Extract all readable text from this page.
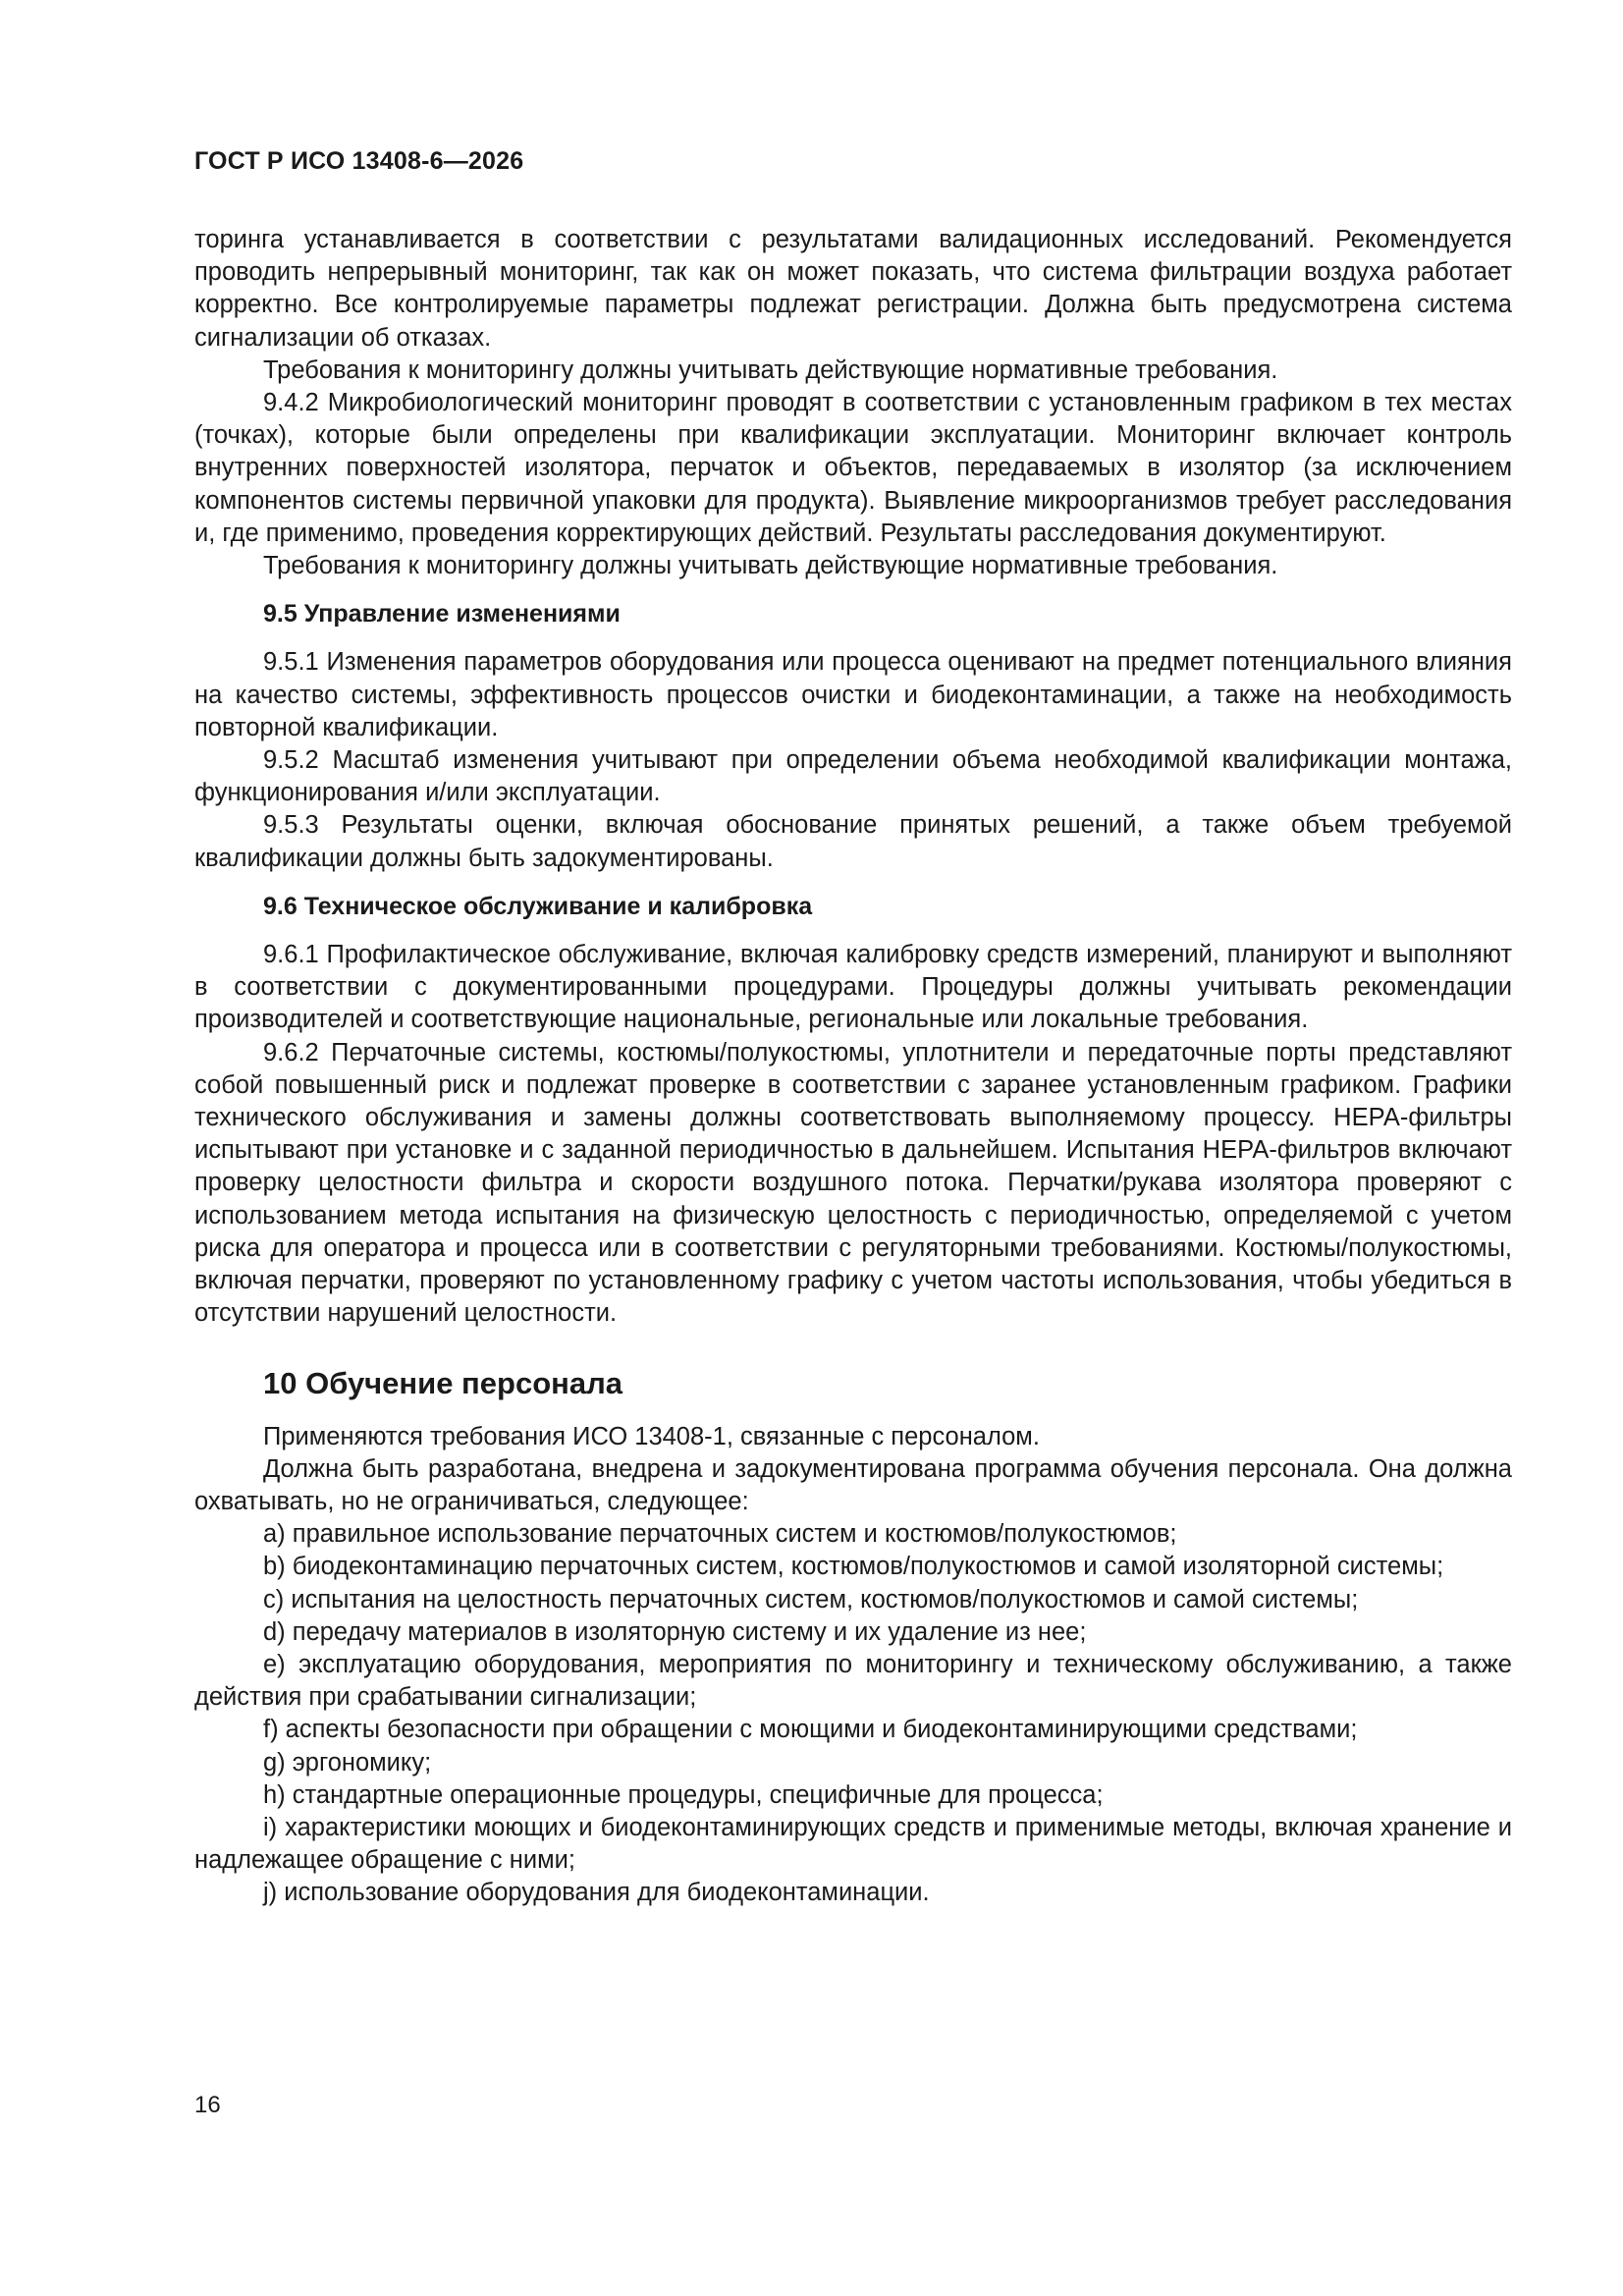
ГОСТ Р ИСО 13408-6—2026

торинга устанавливается в соответствии с результатами валидационных исследований. Рекомендуется проводить непрерывный мониторинг, так как он может показать, что система фильтрации воздуха работает корректно. Все контролируемые параметры подлежат регистрации. Должна быть предусмотрена система сигнализации об отказах.

Требования к мониторингу должны учитывать действующие нормативные требования.

9.4.2 Микробиологический мониторинг проводят в соответствии с установленным графиком в тех местах (точках), которые были определены при квалификации эксплуатации. Мониторинг включает контроль внутренних поверхностей изолятора, перчаток и объектов, передаваемых в изолятор (за исключением компонентов системы первичной упаковки для продукта). Выявление микроорганизмов требует расследования и, где применимо, проведения корректирующих действий. Результаты расследования документируют.

Требования к мониторингу должны учитывать действующие нормативные требования.

9.5 Управление изменениями

9.5.1 Изменения параметров оборудования или процесса оценивают на предмет потенциального влияния на качество системы, эффективность процессов очистки и биодеконтаминации, а также на необходимость повторной квалификации.

9.5.2 Масштаб изменения учитывают при определении объема необходимой квалификации монтажа, функционирования и/или эксплуатации.

9.5.3 Результаты оценки, включая обоснование принятых решений, а также объем требуемой квалификации должны быть задокументированы.

9.6 Техническое обслуживание и калибровка

9.6.1 Профилактическое обслуживание, включая калибровку средств измерений, планируют и выполняют в соответствии с документированными процедурами. Процедуры должны учитывать рекомендации производителей и соответствующие национальные, региональные или локальные требования.

9.6.2 Перчаточные системы, костюмы/полукостюмы, уплотнители и передаточные порты представляют собой повышенный риск и подлежат проверке в соответствии с заранее установленным графиком. Графики технического обслуживания и замены должны соответствовать выполняемому процессу. НЕРА-фильтры испытывают при установке и с заданной периодичностью в дальнейшем. Испытания НЕРА-фильтров включают проверку целостности фильтра и скорости воздушного потока. Перчатки/рукава изолятора проверяют с использованием метода испытания на физическую целостность с периодичностью, определяемой с учетом риска для оператора и процесса или в соответствии с регуляторными требованиями. Костюмы/полукостюмы, включая перчатки, проверяют по установленному графику с учетом частоты использования, чтобы убедиться в отсутствии нарушений целостности.

10 Обучение персонала

Применяются требования ИСО 13408-1, связанные с персоналом.

Должна быть разработана, внедрена и задокументирована программа обучения персонала. Она должна охватывать, но не ограничиваться, следующее:

a) правильное использование перчаточных систем и костюмов/полукостюмов;

b) биодеконтаминацию перчаточных систем, костюмов/полукостюмов и самой изоляторной системы;

c) испытания на целостность перчаточных систем, костюмов/полукостюмов и самой системы;

d) передачу материалов в изоляторную систему и их удаление из нее;

e) эксплуатацию оборудования, мероприятия по мониторингу и техническому обслуживанию, а также действия при срабатывании сигнализации;

f) аспекты безопасности при обращении с моющими и биодеконтаминирующими средствами;

g) эргономику;

h) стандартные операционные процедуры, специфичные для процесса;

i) характеристики моющих и биодеконтаминирующих средств и применимые методы, включая хранение и надлежащее обращение с ними;

j) использование оборудования для биодеконтаминации.

16
